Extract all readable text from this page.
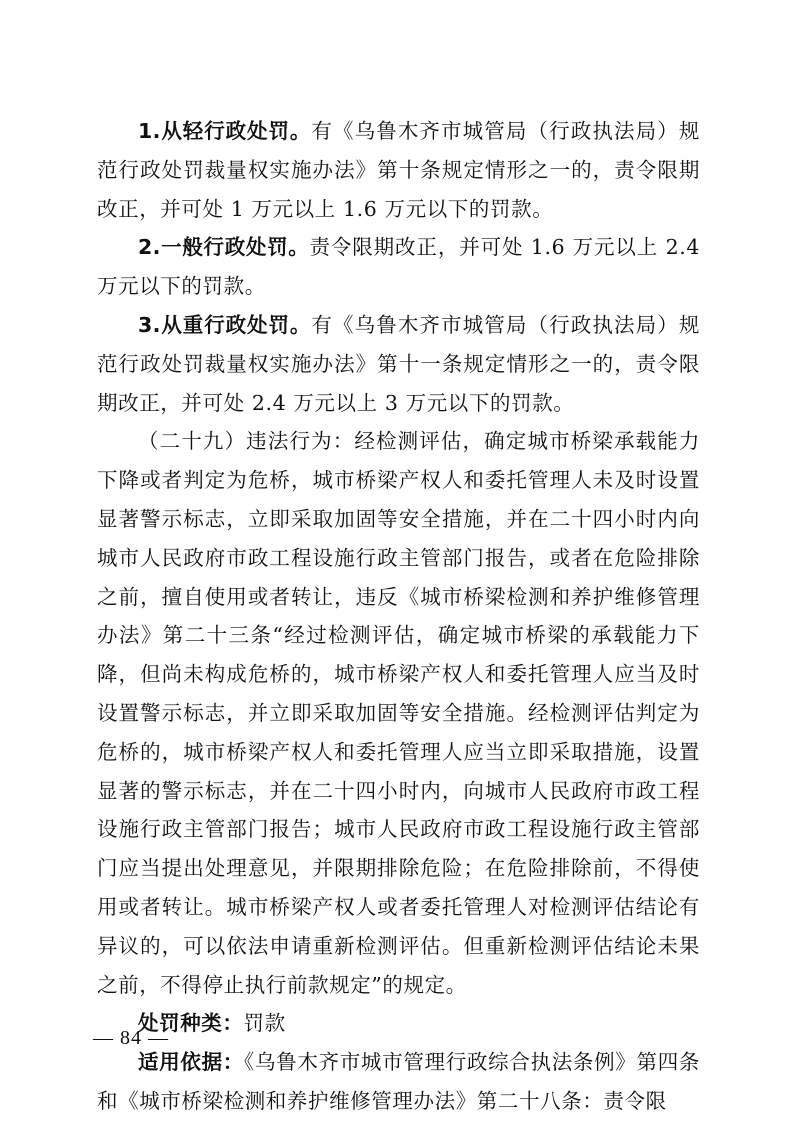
1.从轻行政处罚。有《乌鲁木齐市城管局（行政执法局）规范行政处罚裁量权实施办法》第十条规定情形之一的，责令限期改正，并可处 1 万元以上 1.6 万元以下的罚款。

2.一般行政处罚。责令限期改正，并可处 1.6 万元以上 2.4 万元以下的罚款。

3.从重行政处罚。有《乌鲁木齐市城管局（行政执法局）规范行政处罚裁量权实施办法》第十一条规定情形之一的，责令限期改正，并可处 2.4 万元以上 3 万元以下的罚款。

（二十九）违法行为：经检测评估，确定城市桥梁承载能力下降或者判定为危桥，城市桥梁产权人和委托管理人未及时设置显著警示标志，立即采取加固等安全措施，并在二十四小时内向城市人民政府市政工程设施行政主管部门报告，或者在危险排除之前，擅自使用或者转让，违反《城市桥梁检测和养护维修管理办法》第二十三条“经过检测评估，确定城市桥梁的承载能力下降，但尚未构成危桥的，城市桥梁产权人和委托管理人应当及时设置警示标志，并立即采取加固等安全措施。经检测评估判定为危桥的，城市桥梁产权人和委托管理人应当立即采取措施，设置显著的警示标志，并在二十四小时内，向城市人民政府市政工程设施行政主管部门报告；城市人民政府市政工程设施行政主管部门应当提出处理意见，并限期排除危险；在危险排除前，不得使用或者转让。城市桥梁产权人或者委托管理人对检测评估结论有异议的，可以依法申请重新检测评估。但重新检测评估结论未果之前，不得停止执行前款规定”的规定。

处罚种类：罚款

适用依据：《乌鲁木齐市城市管理行政综合执法条例》第四条和《城市桥梁检测和养护维修管理办法》第二十八条：责令限

— 84 —
